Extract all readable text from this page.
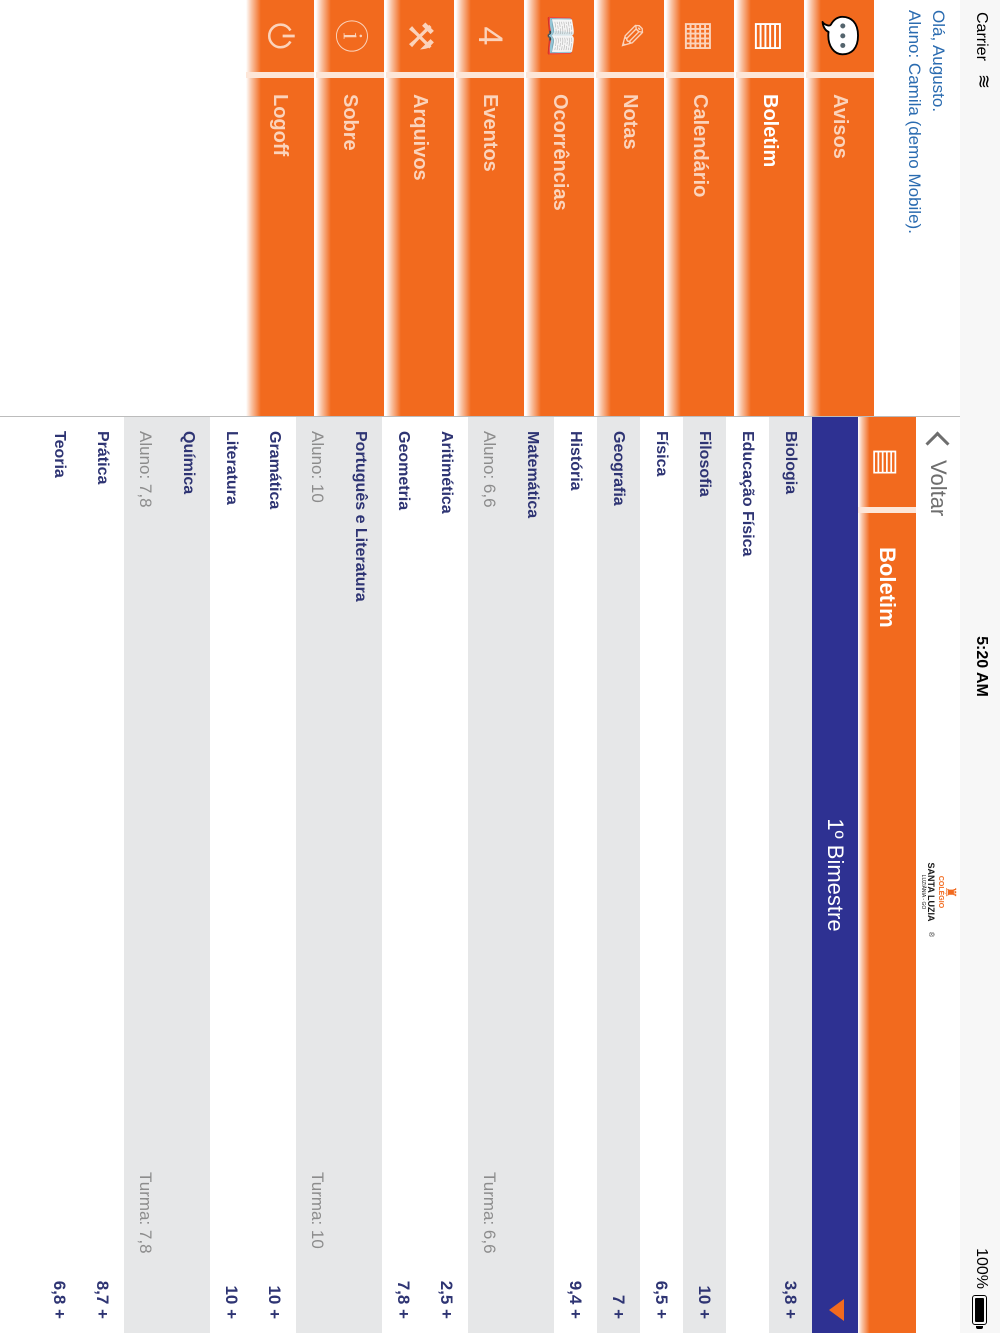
Carrier
≋
5:20 AM
100%
Olá, Augusto.
Aluno: Camila (demo Mobile).
💬
Avisos
▤
Boletim
▦
Calendário
✎
Notas
📖
Ocorrências
4
Eventos
⚒
Arquivos
ⓘ
Sobre
⏻
Logoff
Voltar
♜
COLÉGIO
SANTA LUZIA
LUZIÂNIA - GO
®
▤
Boletim
1º Bimestre
Biologia
3,8 +
Educação Física
Filosofia
10 +
Física
6,5 +
Geografia
7 +
História
9,4 +
Matemática
Aluno: 6,6
Turma: 6,6
Aritimética
2,5 +
Geometria
7,8 +
Português e Literatura
Aluno: 10
Turma: 10
Gramática
10 +
Literatura
10 +
Química
Aluno: 7,8
Turma: 7,8
Prática
8,7 +
Teoria
6,8 +
